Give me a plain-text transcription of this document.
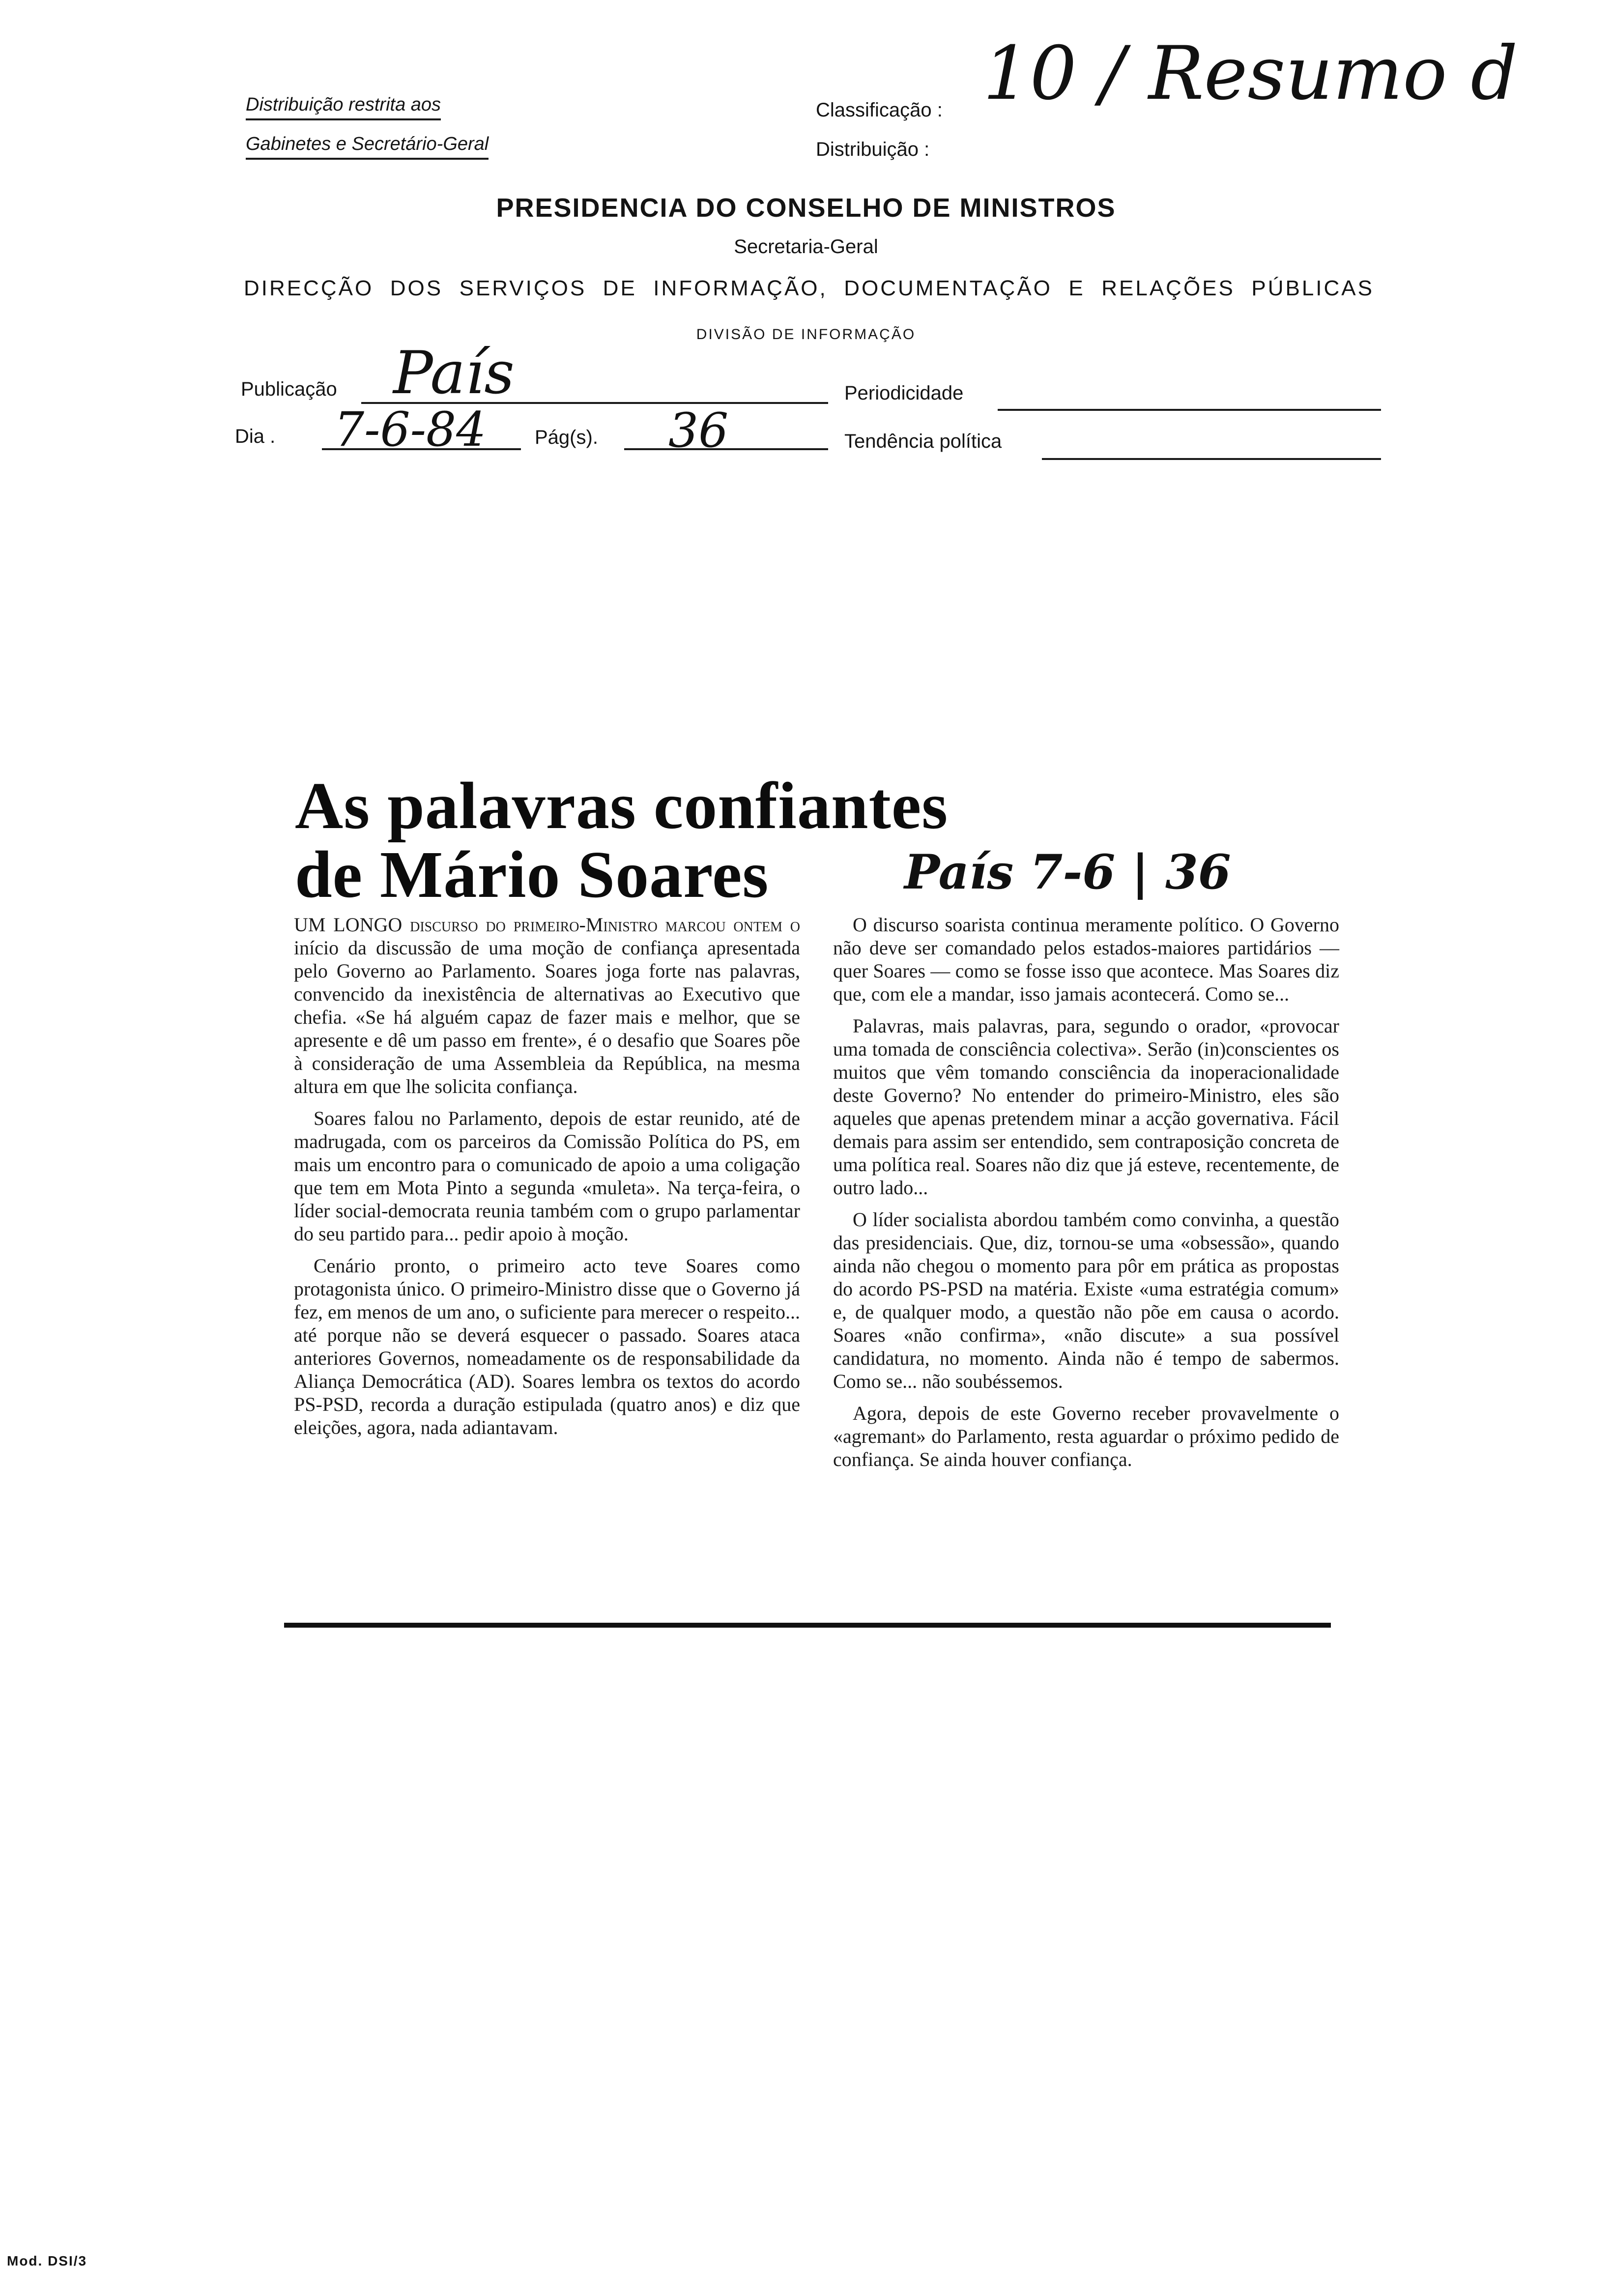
Distribuição restrita aos
Gabinetes e Secretário-Geral
Classificação :
Distribuição :
10 / Resumo d
PRESIDENCIA DO CONSELHO DE MINISTROS
Secretaria-Geral
DIRECÇÃO DOS SERVIÇOS DE INFORMAÇÃO, DOCUMENTAÇÃO E RELAÇÕES PÚBLICAS
DIVISÃO DE INFORMAÇÃO
Publicação País	Periodicidade
Dia . 7-6-84 Pág(s). 36	Tendência política
As palavras confiantes
de Mário Soares	País 7-6 | 36

UM LONGO discurso do primeiro-Ministro marcou ontem o início da discussão de uma moção de confiança apresentada pelo Governo ao Parlamento. Soares joga forte nas palavras, convencido da inexistência de alternativas ao Executivo que chefia. «Se há alguém capaz de fazer mais e melhor, que se apresente e dê um passo em frente», é o desafio que Soares põe à consideração de uma Assembleia da República, na mesma altura em que lhe solicita confiança.

Soares falou no Parlamento, depois de estar reunido, até de madrugada, com os parceiros da Comissão Política do PS, em mais um encontro para o comunicado de apoio a uma coligação que tem em Mota Pinto a segunda «muleta». Na terça-feira, o líder social-democrata reunia também com o grupo parlamentar do seu partido para... pedir apoio à moção.

Cenário pronto, o primeiro acto teve Soares como protagonista único. O primeiro-Ministro disse que o Governo já fez, em menos de um ano, o suficiente para merecer o respeito... até porque não se deverá esquecer o passado. Soares ataca anteriores Governos, nomeadamente os de responsabilidade da Aliança Democrática (AD). Soares lembra os textos do acordo PS-PSD, recorda a duração estipulada (quatro anos) e diz que eleições, agora, nada adiantavam.

O discurso soarista continua meramente político. O Governo não deve ser comandado pelos estados-maiores partidários — quer Soares — como se fosse isso que acontece. Mas Soares diz que, com ele a mandar, isso jamais acontecerá. Como se...

Palavras, mais palavras, para, segundo o orador, «provocar uma tomada de consciência colectiva». Serão (in)conscientes os muitos que vêm tomando consciência da inoperacionalidade deste Governo? No entender do primeiro-Ministro, eles são aqueles que apenas pretendem minar a acção governativa. Fácil demais para assim ser entendido, sem contraposição concreta de uma política real. Soares não diz que já esteve, recentemente, de outro lado...

O líder socialista abordou também como convinha, a questão das presidenciais. Que, diz, tornou-se uma «obsessão», quando ainda não chegou o momento para pôr em prática as propostas do acordo PS-PSD na matéria. Existe «uma estratégia comum» e, de qualquer modo, a questão não põe em causa o acordo. Soares «não confirma», «não discute» a sua possível candidatura, no momento. Ainda não é tempo de sabermos. Como se... não soubéssemos.

Agora, depois de este Governo receber provavelmente o «agremant» do Parlamento, resta aguardar o próximo pedido de confiança. Se ainda houver confiança.

Mod. DSI/3
